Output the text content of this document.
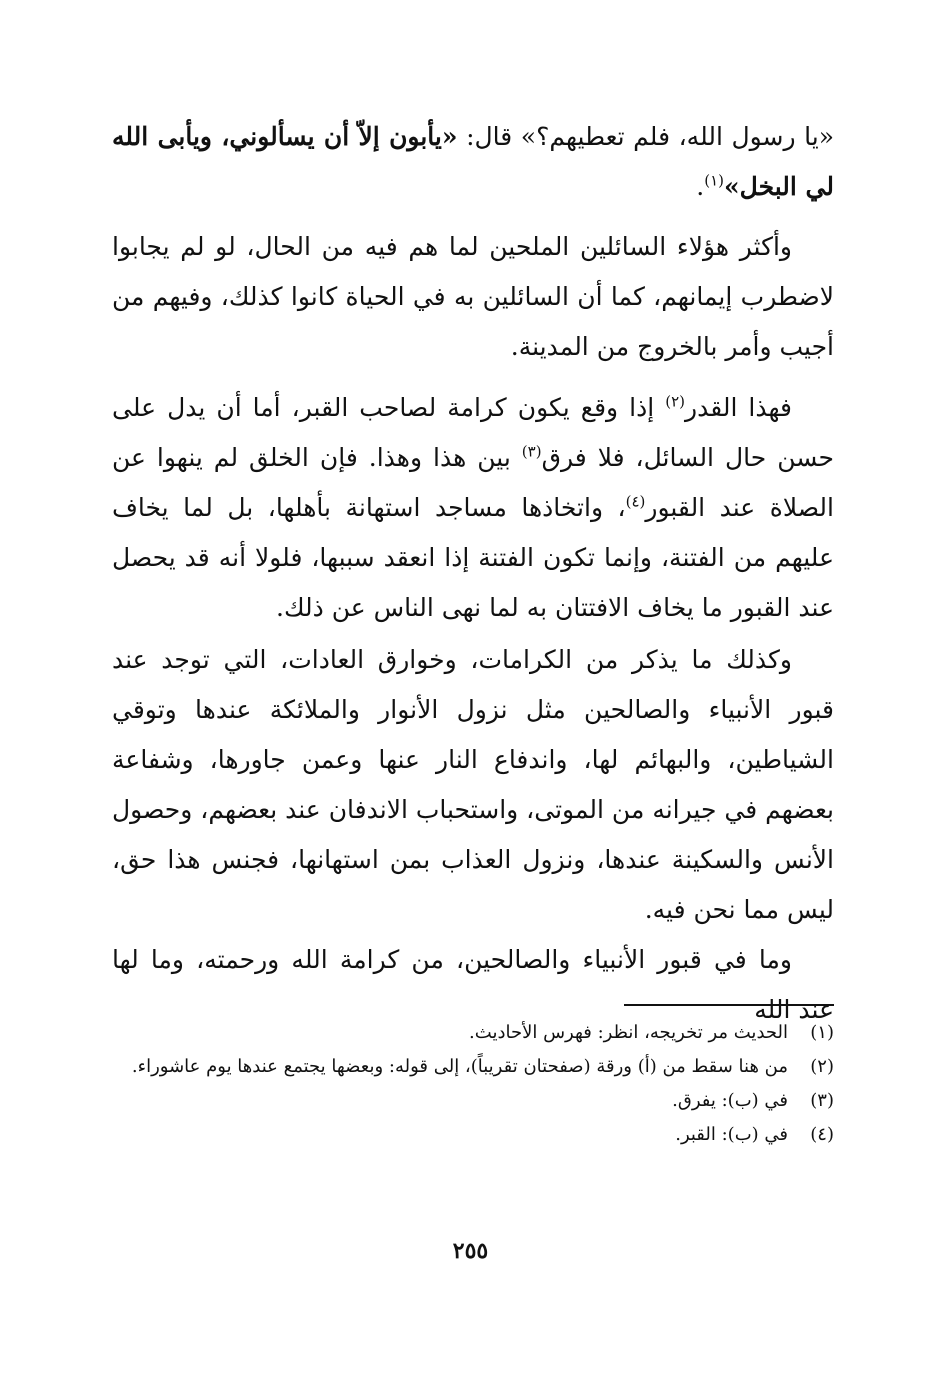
«يا رسول الله، فلم تعطيهم؟» قال: «يأبون إلاّ أن يسألوني، ويأبى الله لي البخل»$^{(١)}$.

وأكثر هؤلاء السائلين الملحين لما هم فيه من الحال، لو لم يجابوا لاضطرب إيمانهم، كما أن السائلين به في الحياة كانوا كذلك، وفيهم من أجيب وأمر بالخروج من المدينة.

فهذا القدر$^{(٢)}$ إذا وقع يكون كرامة لصاحب القبر، أما أن يدل على حسن حال السائل، فلا فرق$^{(٣)}$ بين هذا وهذا. فإن الخلق لم ينهوا عن الصلاة عند القبور$^{(٤)}$، واتخاذها مساجد استهانة بأهلها، بل لما يخاف عليهم من الفتنة، وإنما تكون الفتنة إذا انعقد سببها، فلولا أنه قد يحصل عند القبور ما يخاف الافتتان به لما نهى الناس عن ذلك.

وكذلك ما يذكر من الكرامات، وخوارق العادات، التي توجد عند قبور الأنبياء والصالحين مثل نزول الأنوار والملائكة عندها وتوقي الشياطين، والبهائم لها، واندفاع النار عنها وعمن جاورها، وشفاعة بعضهم في جيرانه من الموتى، واستحباب الاندفان عند بعضهم، وحصول الأنس والسكينة عندها، ونزول العذاب بمن استهانها، فجنس هذا حق، ليس مما نحن فيه.

وما في قبور الأنبياء والصالحين، من كرامة الله ورحمته، وما لها عند الله

(١)
الحديث مر تخريجه، انظر: فهرس الأحاديث.
(٢)
من هنا سقط من (أ) ورقة (صفحتان تقريباً)، إلى قوله: وبعضها يجتمع عندها يوم عاشوراء.
(٣)
في (ب): يفرق.
(٤)
في (ب): القبر.
٢٥٥
